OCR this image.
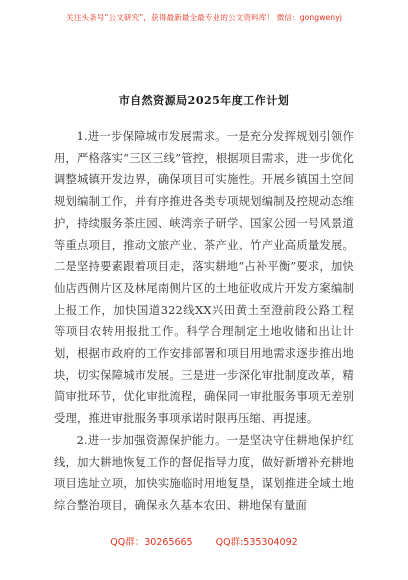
关注头条号“公文研究”，获得最新最全最专业的公文资料库！ 微信：gongwenyj
市自然资源局2025年度工作计划

1.进一步保障城市发展需求。一是充分发挥规划引领作用，严格落实“三区三线”管控，根据项目需求，进一步优化调整城镇开发边界，确保项目可实施性。开展乡镇国土空间规划编制工作，并有序推进各类专项规划编制及控规动态维护，持续服务茶庄园、峡湾亲子研学、国家公园一号风景道等重点项目，推动文旅产业、茶产业、竹产业高质量发展。二是坚持要素跟着项目走，落实耕地“占补平衡”要求，加快仙店西侧片区及林尾南侧片区的土地征收成片开发方案编制上报工作，加快国道322线XX兴田黄土至澄前段公路工程等项目农转用报批工作。科学合理制定土地收储和出让计划，根据市政府的工作安排部署和项目用地需求逐步推出地块，切实保障城市发展。三是进一步深化审批制度改革，精简审批环节，优化审批流程，确保同一审批服务事项无差别受理，推进审批服务事项承诺时限再压缩、再提速。

2.进一步加强资源保护能力。一是坚决守住耕地保护红线，加大耕地恢复工作的督促指导力度，做好新增补充耕地项目选址立项，加快实施临时用地复垦，谋划推进全域土地综合整治项目，确保永久基本农田、耕地保有量面

QQ群：30265665 QQ群:535304092
